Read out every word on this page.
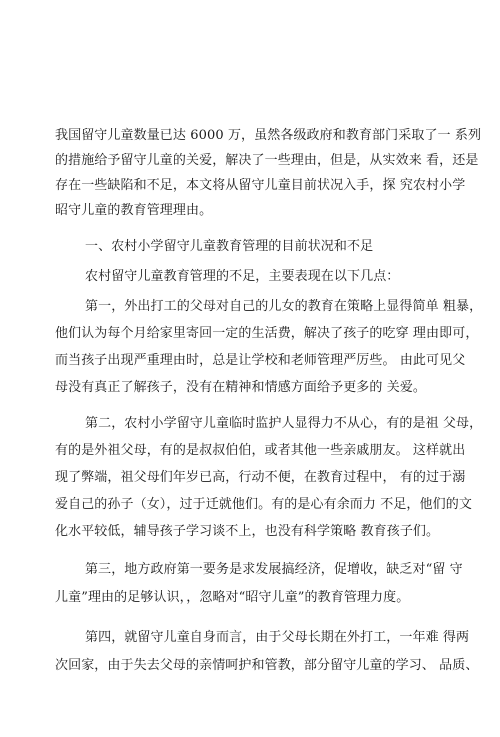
我国留守儿童数量已达 6000 万，虽然各级政府和教育部门采取了一 系列
的措施给予留守儿童的关爱，解决了一些理由，但是，从实效来 看，还是
存在一些缺陷和不足，本文将从留守儿童目前状况入手，探 究农村小学
昭守儿童的教育管理理由。
一、农村小学留守儿童教育管理的目前状况和不足
农村留守儿童教育管理的不足，主要表现在以下几点：
第一，外出打工的父母对自己的儿女的教育在策略上显得简单 粗暴，
他们认为每个月给家里寄回一定的生活费，解决了孩子的吃穿 理由即可，
而当孩子出现严重理由时，总是让学校和老师管理严厉些。 由此可见父
母没有真正了解孩子，没有在精神和情感方面给予更多的 关爱。
第二，农村小学留守儿童临时监护人显得力不从心，有的是祖 父母，
有的是外祖父母，有的是叔叔伯伯，或者其他一些亲戚朋友。 这样就出
现了弊端，祖父母们年岁已高，行动不便，在教育过程中， 有的过于溺
爱自己的孙子（女），过于迁就他们。有的是心有余而力 不足，他们的文
化水平较低，辅导孩子学习谈不上，也没有科学策略 教育孩子们。
第三，地方政府第一要务是求发展搞经济，促增收，缺乏对“留 守
儿童”理由的足够认识，，忽略对“昭守儿童”的教育管理力度。
第四，就留守儿童自身而言，由于父母长期在外打工，一年难 得两
次回家，由于失去父母的亲情呵护和管教，部分留守儿童的学习、 品质、
